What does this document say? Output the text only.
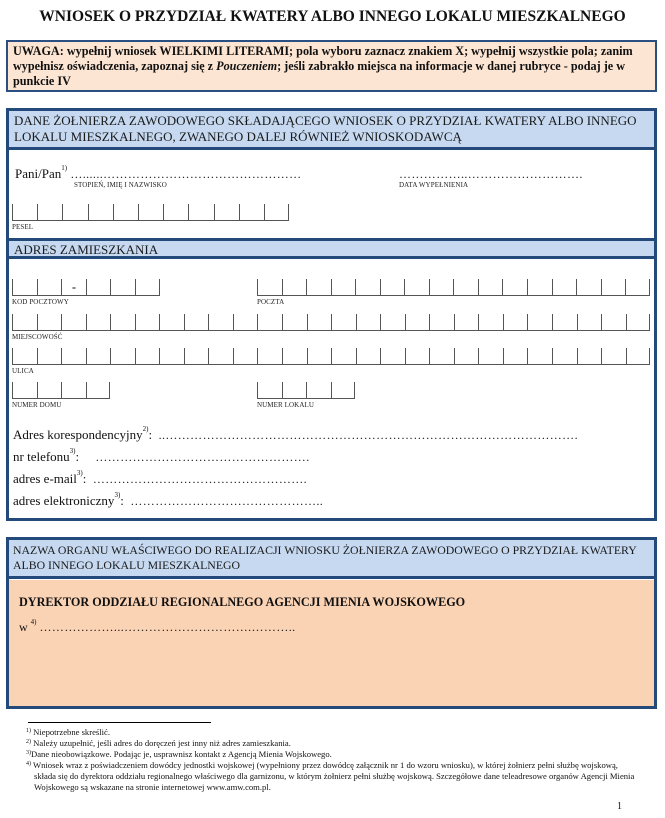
WNIOSEK O PRZYDZIAŁ KWATERY ALBO INNEGO LOKALU MIESZKALNEGO
UWAGA: wypełnij wniosek WIELKIMI LITERAMI; pola wyboru zaznacz znakiem X; wypełnij wszystkie pola; zanim wypełnisz oświadczenia, zapoznaj się z Pouczeniem; jeśli zabrakło miejsca na informacje w danej rubryce - podaj je w punkcie IV
DANE ŻOŁNIERZA ZAWODOWEGO SKŁADAJĄCEGO WNIOSEK O PRZYDZIAŁ KWATERY ALBO INNEGO LOKALU MIESZKALNEGO, ZWANEGO DALEJ RÓWNIEŻ WNIOSKODAWCĄ
Pani/Pan$^{1)}$ …......…………………………………………
STOPIEŃ, IMIĘ I NAZWISKO
……………..……………………….
DATA WYPEŁNIENIA
PESEL
ADRES ZAMIESZKANIA
-
KOD POCZTOWY	POCZTA
MIEJSCOWOŚĆ
ULICA
NUMER DOMU	NUMER LOKALU
Adres korespondencyjny$^{2)}$:  ..……………………………………………………………………………………….
nr telefonu$^{3)}$:     …………………………………………….
adres e-mail$^{3)}$:  …………………………………………….
adres elektroniczny$^{3)}$:  ………………………………………..
NAZWA ORGANU WŁAŚCIWEGO DO REALIZACJI WNIOSKU ŻOŁNIERZA ZAWODOWEGO O PRZYDZIAŁ KWATERY ALBO INNEGO LOKALU MIESZKALNEGO
DYREKTOR ODDZIAŁU REGIONALNEGO AGENCJI MIENIA WOJSKOWEGO
w $^{4)}$ ………………...………………………….………..
$^{1)}$ Niepotrzebne skreślić.
$^{2)}$ Należy uzupełnić, jeśli adres do doręczeń jest inny niż adres zamieszkania.
$^{3)}$Dane nieobowiązkowe. Podając je, usprawnisz kontakt z Agencją Mienia Wojskowego.
$^{4)}$ Wniosek wraz z poświadczeniem dowódcy jednostki wojskowej (wypełniony przez dowódcę załącznik nr 1 do wzoru wniosku), w której żołnierz pełni służbę wojskową, składa się do dyrektora oddziału regionalnego właściwego dla garnizonu, w którym żołnierz pełni służbę wojskową. Szczegółowe dane teleadresowe organów Agencji Mienia Wojskowego są wskazane na stronie internetowej www.amw.com.pl.
1
